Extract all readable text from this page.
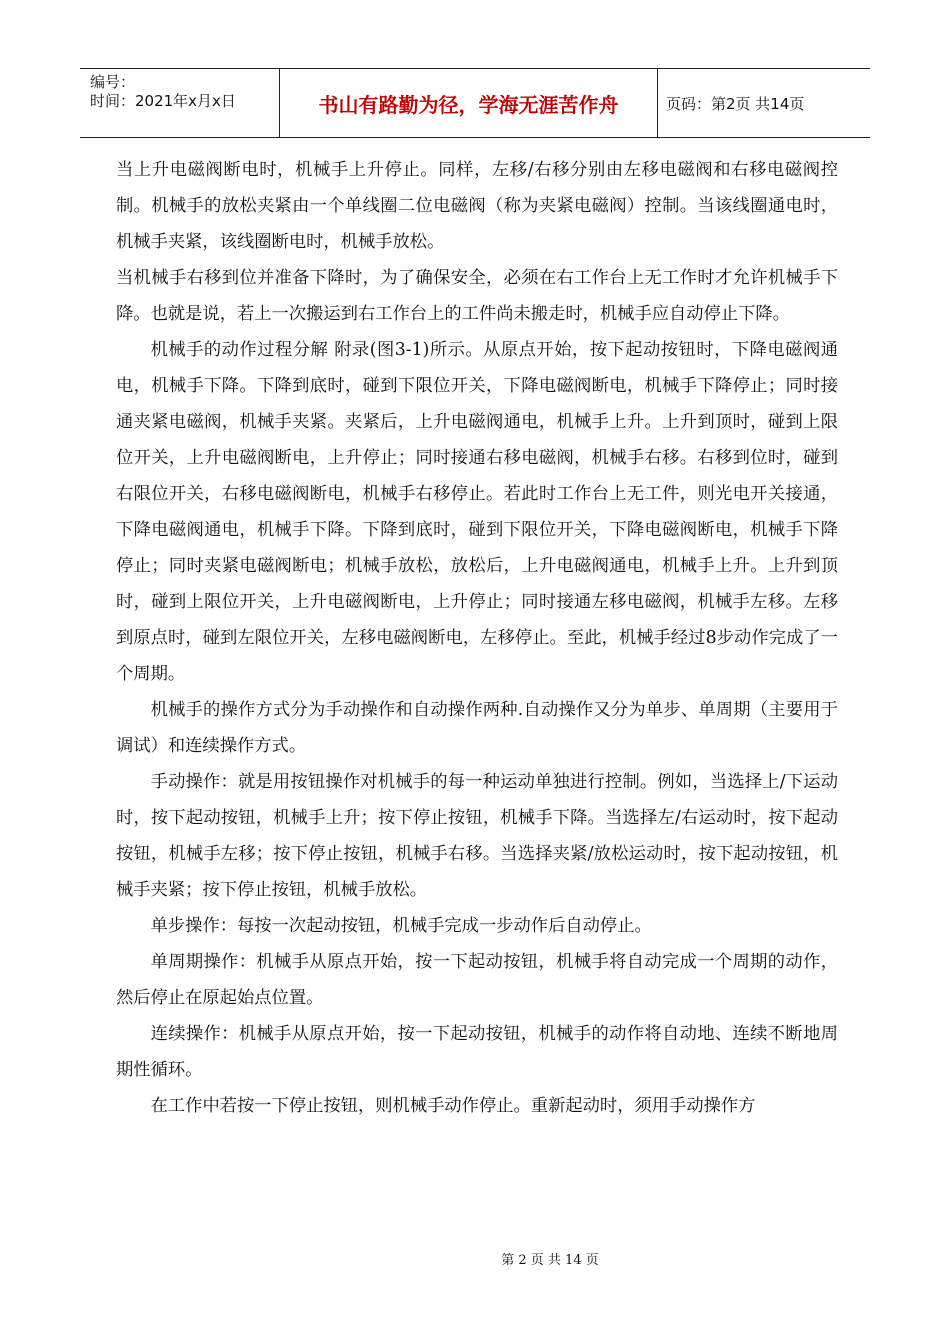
编号：
时间：2021年x月x日	书山有路勤为径，学海无涯苦作舟	页码：第2页 共14页

当上升电磁阀断电时，机械手上升停止。同样，左移/右移分别由左移电磁阀和右移电磁阀控制。机械手的放松夹紧由一个单线圈二位电磁阀（称为夹紧电磁阀）控制。当该线圈通电时，机械手夹紧，该线圈断电时，机械手放松。

当机械手右移到位并准备下降时，为了确保安全，必须在右工作台上无工作时才允许机械手下降。也就是说，若上一次搬运到右工作台上的工件尚未搬走时，机械手应自动停止下降。

机械手的动作过程分解 附录(图3-1)所示。从原点开始，按下起动按钮时，下降电磁阀通电，机械手下降。下降到底时，碰到下限位开关，下降电磁阀断电，机械手下降停止；同时接通夹紧电磁阀，机械手夹紧。夹紧后，上升电磁阀通电，机械手上升。上升到顶时，碰到上限位开关，上升电磁阀断电，上升停止；同时接通右移电磁阀，机械手右移。右移到位时，碰到右限位开关，右移电磁阀断电，机械手右移停止。若此时工作台上无工件，则光电开关接通，下降电磁阀通电，机械手下降。下降到底时，碰到下限位开关，下降电磁阀断电，机械手下降停止；同时夹紧电磁阀断电；机械手放松，放松后，上升电磁阀通电，机械手上升。上升到顶时，碰到上限位开关，上升电磁阀断电，上升停止；同时接通左移电磁阀，机械手左移。左移到原点时，碰到左限位开关，左移电磁阀断电，左移停止。至此，机械手经过8步动作完成了一个周期。

机械手的操作方式分为手动操作和自动操作两种.自动操作又分为单步、单周期（主要用于调试）和连续操作方式。

手动操作：就是用按钮操作对机械手的每一种运动单独进行控制。例如，当选择上/下运动时，按下起动按钮，机械手上升；按下停止按钮，机械手下降。当选择左/右运动时，按下起动按钮，机械手左移；按下停止按钮，机械手右移。当选择夹紧/放松运动时，按下起动按钮，机械手夹紧；按下停止按钮，机械手放松。

单步操作：每按一次起动按钮，机械手完成一步动作后自动停止。

单周期操作：机械手从原点开始，按一下起动按钮，机械手将自动完成一个周期的动作，然后停止在原起始点位置。

连续操作：机械手从原点开始，按一下起动按钮，机械手的动作将自动地、连续不断地周期性循环。

在工作中若按一下停止按钮，则机械手动作停止。重新起动时，须用手动操作方

第 2 页 共 14 页
